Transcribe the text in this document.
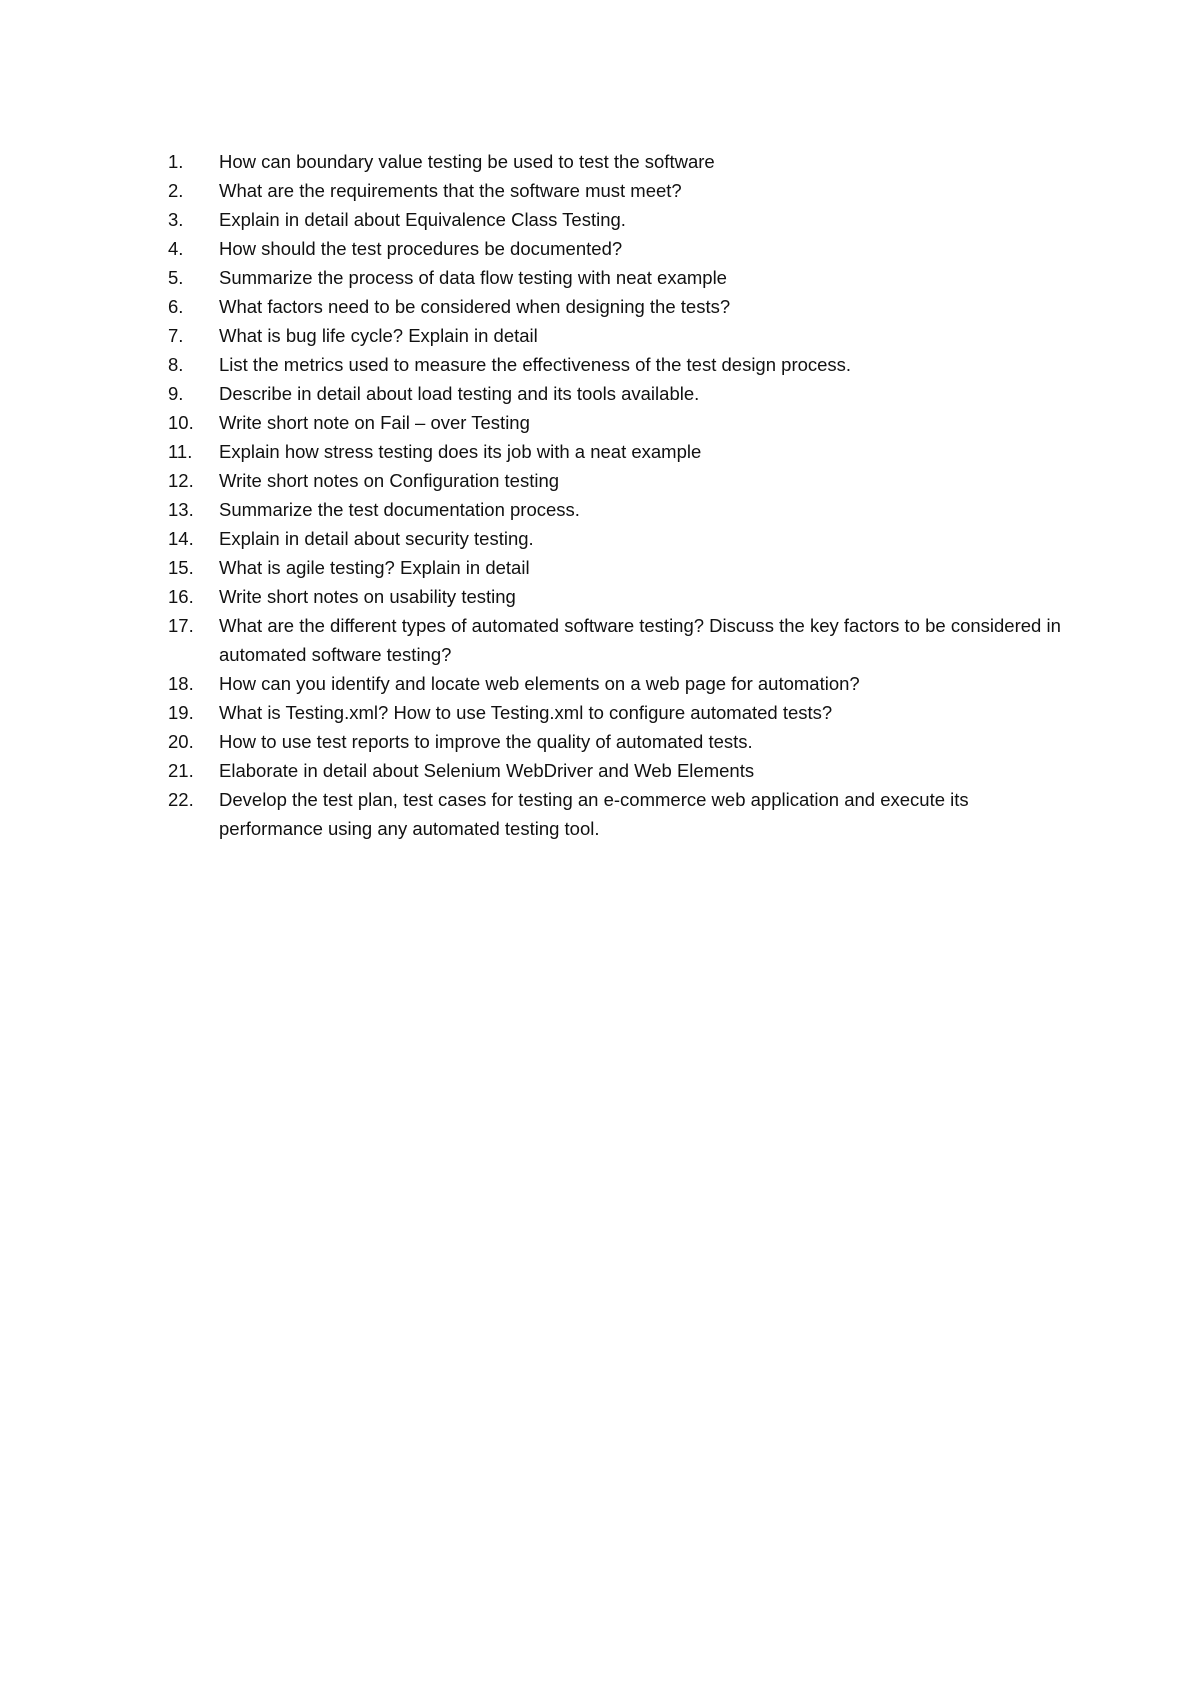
1.	How can boundary value testing be used to test the software
2.	What are the requirements that the software must meet?
3.	Explain in detail about Equivalence Class Testing.
4.	How should the test procedures be documented?
5.	Summarize the process of data flow testing with neat example
6.	What factors need to be considered when designing the tests?
7.	What is bug life cycle? Explain in detail
8.	List the metrics used to measure the effectiveness of the test design process.
9.	Describe in detail about load testing and its tools available.
10.	Write short note on Fail – over Testing
11.	Explain how stress testing does its job with a neat example
12.	Write short notes on Configuration testing
13.	Summarize the test documentation process.
14.	Explain in detail about security testing.
15.	What is agile testing? Explain in detail
16.	Write short notes on usability testing
17.	What are the different types of automated software testing? Discuss the key factors to be considered in automated software testing?
18.	How can you identify and locate web elements on a web page for automation?
19.	What is Testing.xml? How to use Testing.xml to configure automated tests?
20.	How to use test reports to improve the quality of automated tests.
21.	Elaborate in detail about Selenium WebDriver and Web Elements
22.	Develop the test plan, test cases for testing an e-commerce web application and execute its performance using any automated testing tool.
